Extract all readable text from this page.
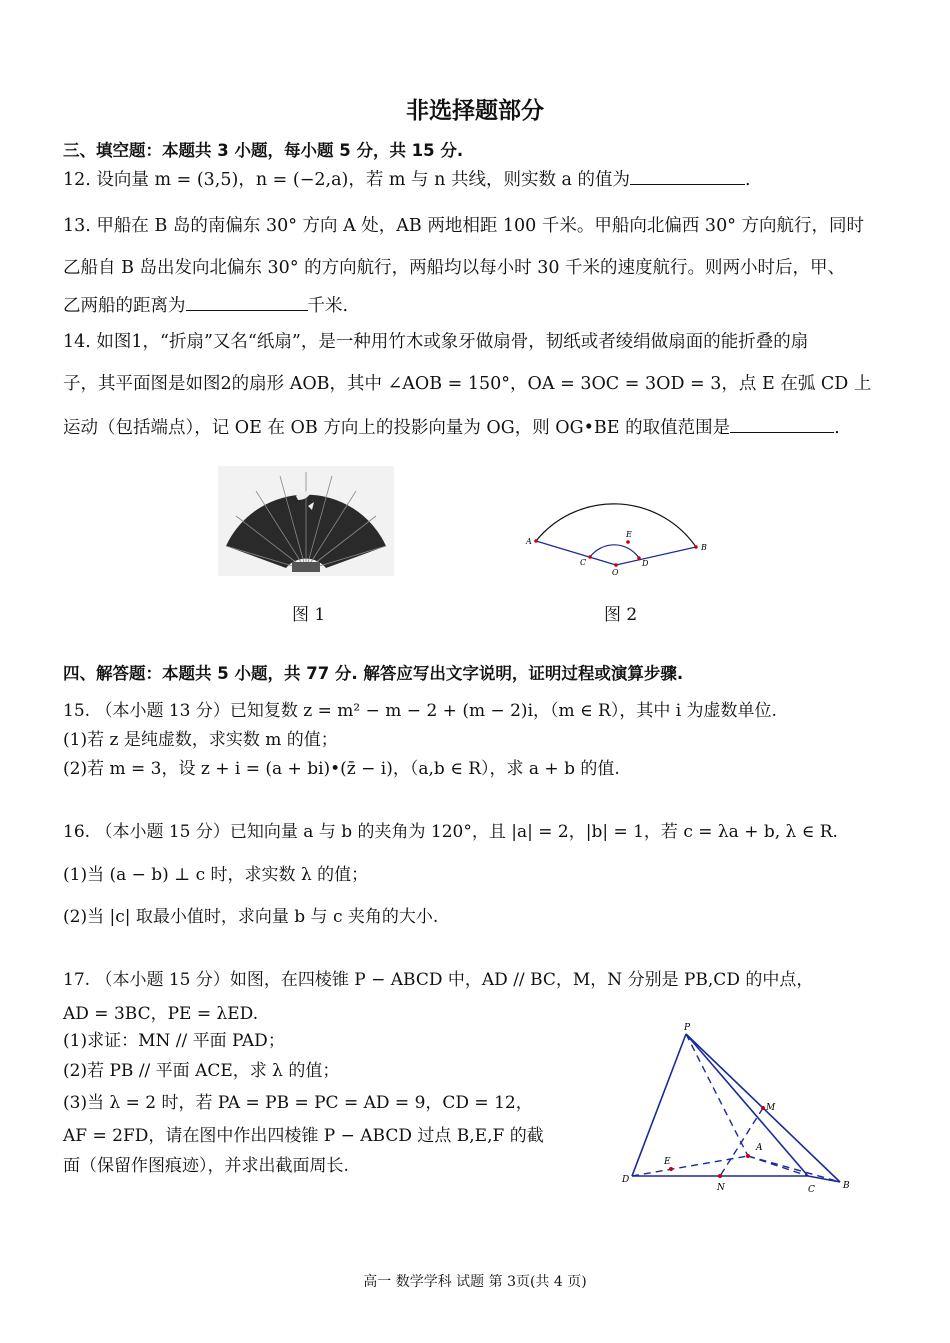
非选择题部分
三、填空题：本题共 3 小题，每小题 5 分，共 15 分.
12. 设向量 m = (3,5)，n = (−2,a)，若 m 与 n 共线，则实数 a 的值为	.
13. 甲船在 B 岛的南偏东 30° 方向 A 处，AB 两地相距 100 千米。甲船向北偏西 30° 方向航行，同时
乙船自 B 岛出发向北偏东 30° 的方向航行，两船均以每小时 30 千米的速度航行。则两小时后，甲、
乙两船的距离为	千米.
14. 如图1，“折扇”又名“纸扇”，是一种用竹木或象牙做扇骨，韧纸或者绫绢做扇面的能折叠的扇
子，其平面图是如图2的扇形 AOB，其中 ∠AOB = 150°，OA = 3OC = 3OD = 3，点 E 在弧 CD 上
运动（包括端点），记 OE 在 OB 方向上的投影向量为 OG，则 OG•BE 的取值范围是	.
A
B
C	D
E
O
图 1	图 2
四、解答题：本题共 5 小题，共 77 分. 解答应写出文字说明，证明过程或演算步骤.
15. （本小题 13 分）已知复数 z = m² − m − 2 + (m − 2)i，（m ∈ R），其中 i 为虚数单位.
(1)若 z 是纯虚数，求实数 m 的值；
(2)若 m = 3，设 z + i = (a + bi)•(z̄ − i)，（a,b ∈ R），求 a + b 的值.
16. （本小题 15 分）已知向量 a 与 b 的夹角为 120°，且 |a| = 2，|b| = 1，若 c = λa + b, λ ∈ R.
(1)当 (a − b) ⊥ c 时，求实数 λ 的值；
(2)当 |c| 取最小值时，求向量 b 与 c 夹角的大小.
17. （本小题 15 分）如图，在四棱锥 P − ABCD 中，AD // BC，M，N 分别是 PB,CD 的中点，
AD = 3BC，PE = λED.
(1)求证：MN // 平面 PAD；
(2)若 PB // 平面 ACE，求 λ 的值；
(3)当 λ = 2 时，若 PA = PB = PC = AD = 9，CD = 12，
AF = 2FD，请在图中作出四棱锥 P − ABCD 过点 B,E,F 的截
面（保留作图痕迹），并求出截面周长.
P
M
A
E
D
N	C	B
高一 数学学科 试题 第 3页(共 4 页)
